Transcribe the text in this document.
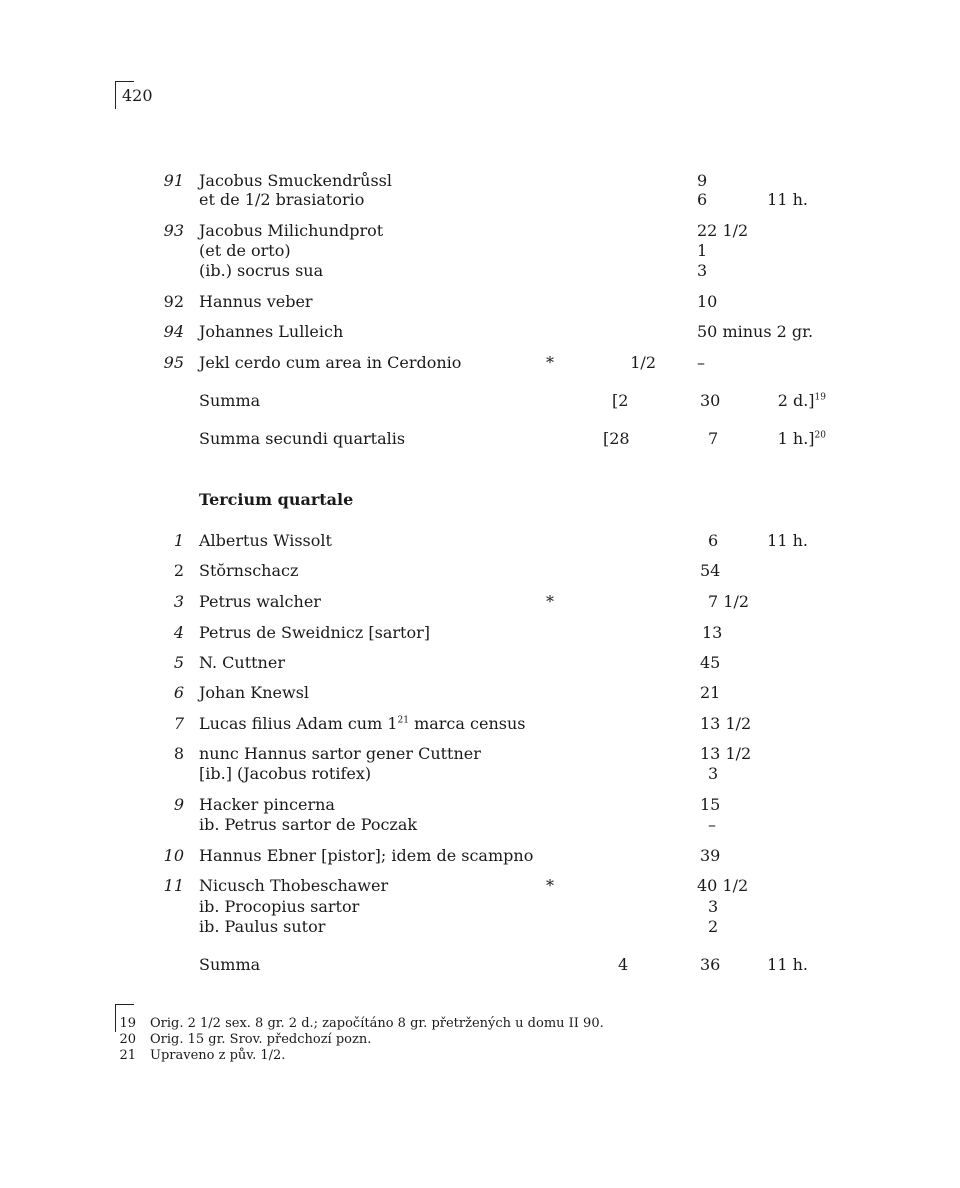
420
91 Jacobus Smuckendrůssl	9
et de 1/2 brasiatorio	6	11 h.
93 Jacobus Milichundprot	22 1/2
(et de orto)	1
(ib.) socrus sua	3
92 Hannus veber	10
94 Johannes Lulleich	50 minus 2 gr.
95 Jekl cerdo cum area in Cerdonio	*	1/2	–
Summa	[2	30	2 d.]$^{19}$
Summa secundi quartalis	[28	7	1 h.]$^{20}$
Tercium quartale
1 Albertus Wissolt	6	11 h.
2 Stŏrnschacz	54
3 Petrus walcher	*	7 1/2
4 Petrus de Sweidnicz [sartor]	13
5 N. Cuttner	45
6 Johan Knewsl	21
7 Lucas filius Adam cum $1^{21}$ marca census	13 1/2
8 nunc Hannus sartor gener Cuttner	13 1/2
[ib.] (Jacobus rotifex)	3
9 Hacker pincerna	15
ib. Petrus sartor de Poczak	–
10 Hannus Ebner [pistor]; idem de scampno	39
11 Nicusch Thobeschawer	*	40 1/2
ib. Procopius sartor	3
ib. Paulus sutor	2
Summa	4	36	11 h.
19 Orig. 2 1/2 sex. 8 gr. 2 d.; započítáno 8 gr. přetržených u domu II 90.
20 Orig. 15 gr. Srov. předchozí pozn.
21 Upraveno z pův. 1/2.
